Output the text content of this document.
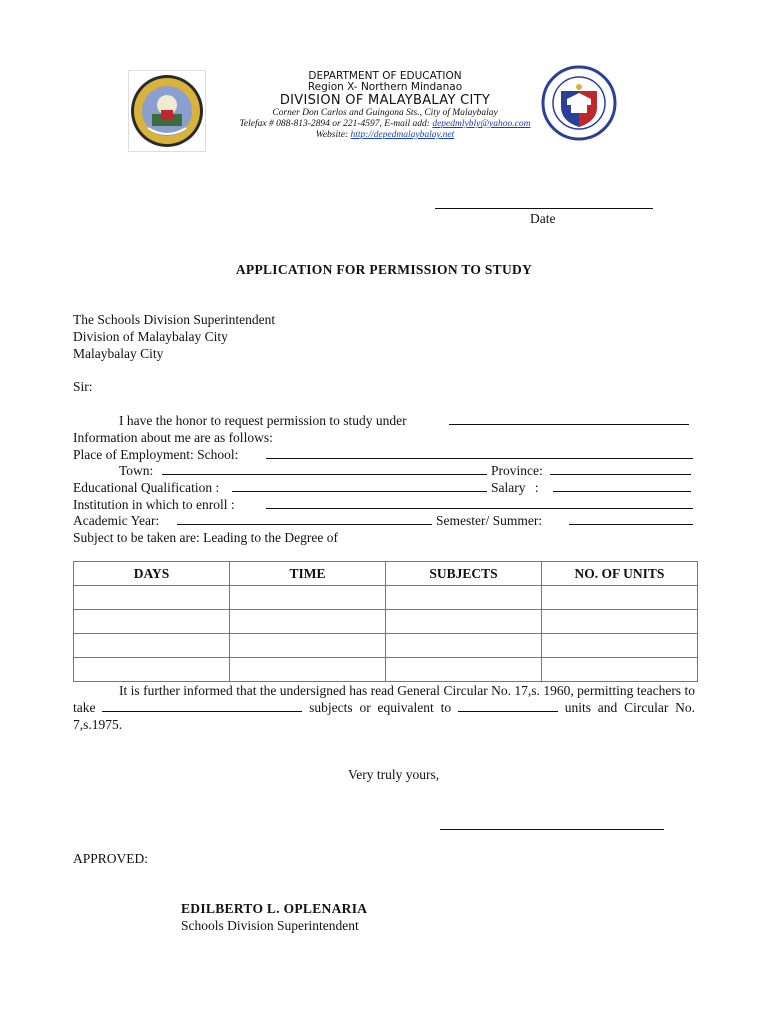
DEPARTMENT OF EDUCATION
Region X- Northern Mindanao
DIVISION OF MALAYBALAY CITY
Corner Don Carlos and Guingona Sts., City of Malaybalay
Telefax # 088-813-2894 or 221-4597, E-mail add: depedmlybly@yahoo.com
Website: http://depedmalaybalay.net
Date
APPLICATION FOR PERMISSION TO STUDY
The Schools Division Superintendent
Division of Malaybalay City
Malaybalay City
Sir:
I have the honor to request permission to study under
Information about me are as follows:
Place of Employment: School:
Town:	Province:
Educational Qualification :	Salary :
Institution in which to enroll :
Academic Year:	Semester/ Summer:
Subject to be taken are: Leading to the Degree of
DAYS	TIME	SUBJECTS	NO. OF UNITS

It is further informed that the undersigned has read General Circular No. 17,s. 1960, permitting teachers to take	subjects or equivalent to	units and Circular No. 7,s.1975.
Very truly yours,
APPROVED:
EDILBERTO L. OPLENARIA
Schools Division Superintendent
